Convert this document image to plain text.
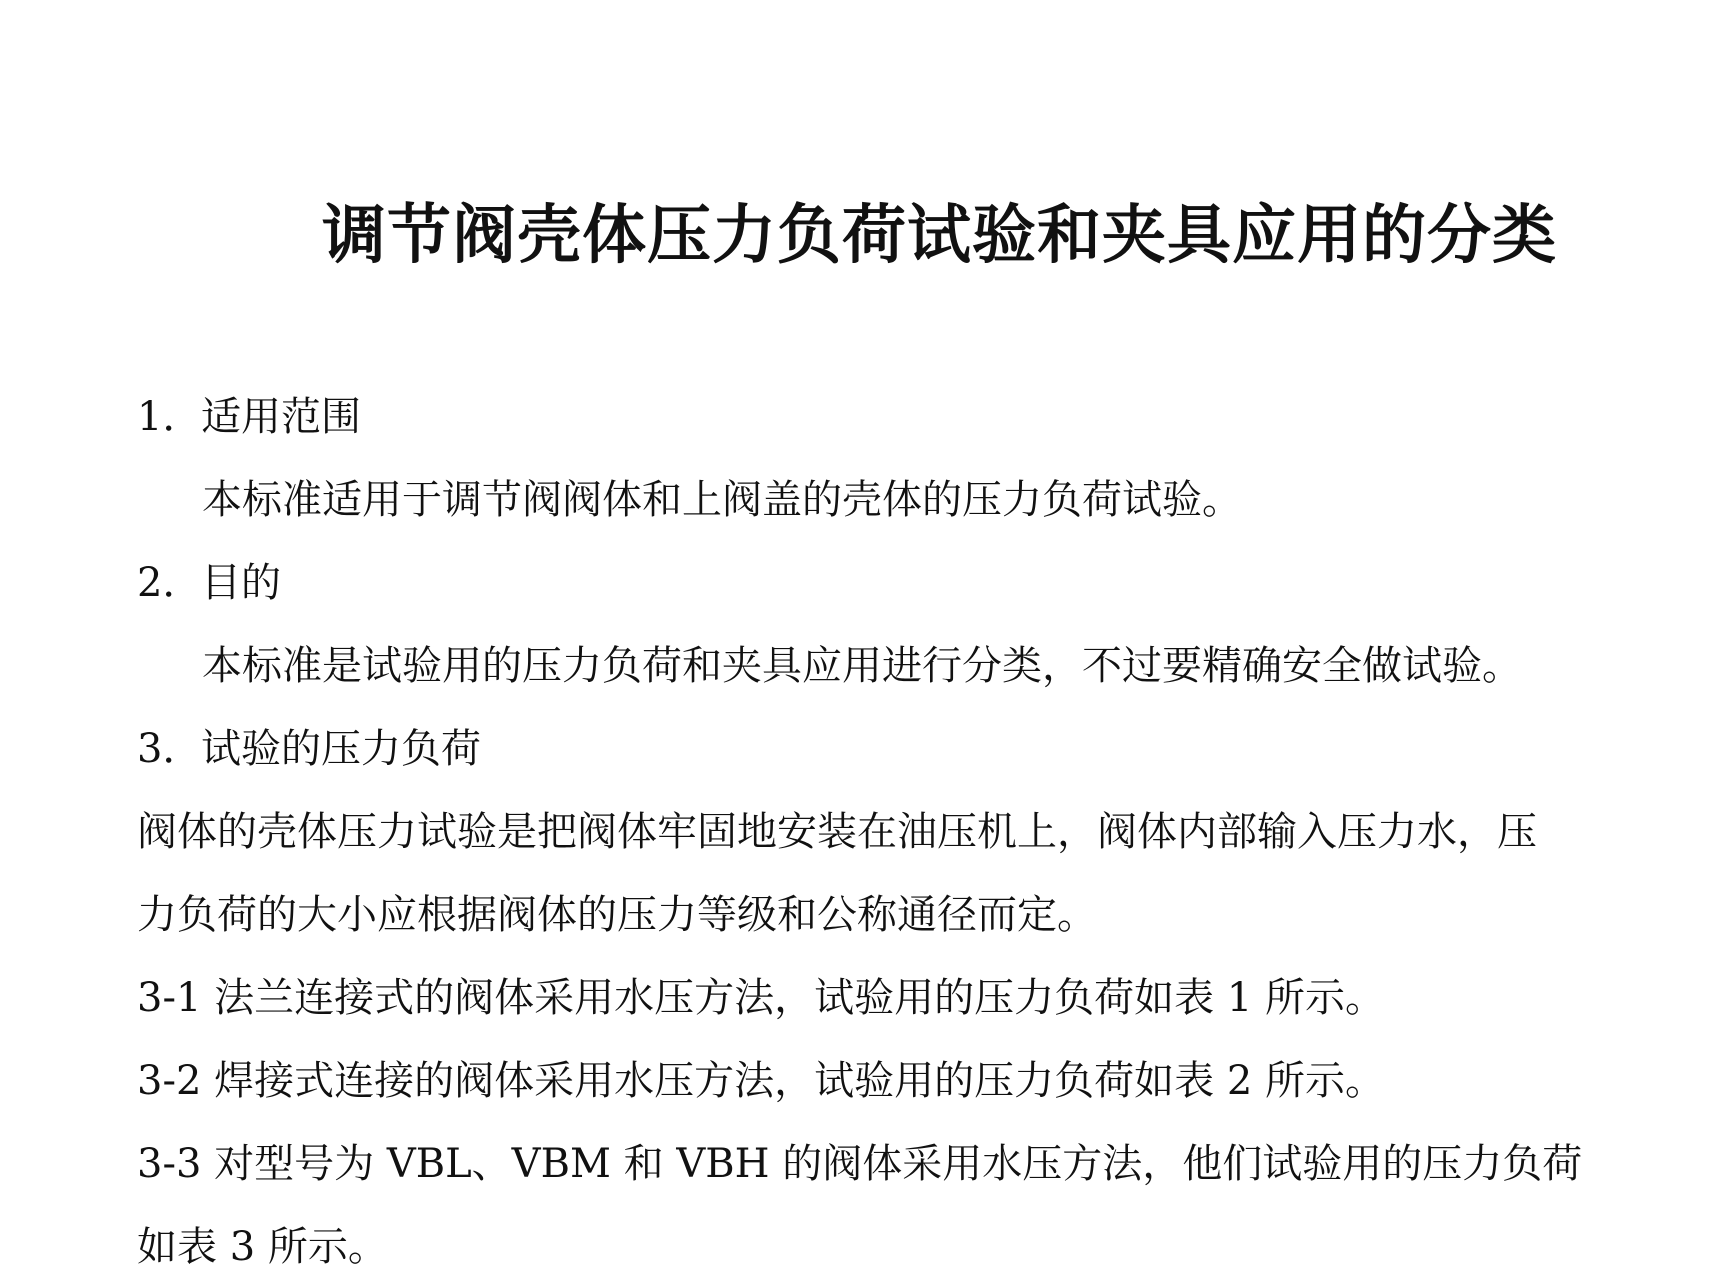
调节阀壳体压力负荷试验和夹具应用的分类
1．适用范围
本标准适用于调节阀阀体和上阀盖的壳体的压力负荷试验。
2．目的
本标准是试验用的压力负荷和夹具应用进行分类，不过要精确安全做试验。
3．试验的压力负荷
阀体的壳体压力试验是把阀体牢固地安装在油压机上，阀体内部输入压力水，压
力负荷的大小应根据阀体的压力等级和公称通径而定。
3-1 法兰连接式的阀体采用水压方法，试验用的压力负荷如表 1 所示。
3-2 焊接式连接的阀体采用水压方法，试验用的压力负荷如表 2 所示。
3-3 对型号为 VBL、VBM 和 VBH 的阀体采用水压方法，他们试验用的压力负荷
如表 3 所示。
